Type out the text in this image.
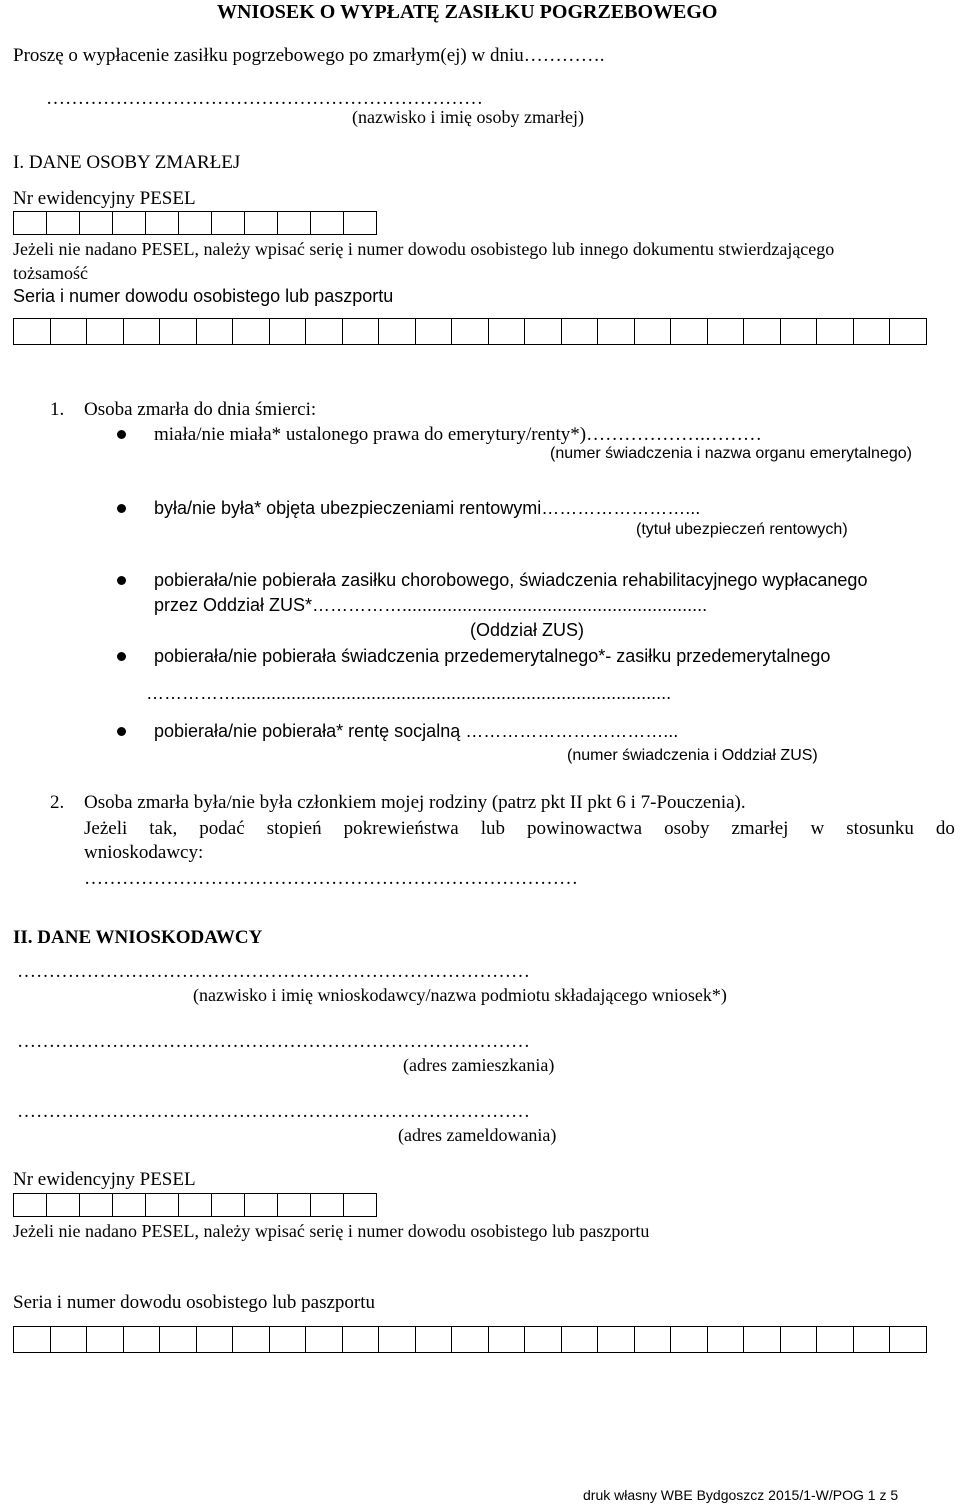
WNIOSEK O WYPŁATĘ ZASIŁKU POGRZEBOWEGO
Proszę o wypłacenie zasiłku pogrzebowego po zmarłym(ej) w dniu………….
……………………………………………………………
(nazwisko i imię osoby zmarłej)
I. DANE OSOBY ZMARŁEJ
Nr ewidencyjny PESEL
Jeżeli nie nadano PESEL, należy wpisać serię i numer dowodu osobistego lub innego dokumentu stwierdzającego
tożsamość
Seria i numer dowodu osobistego lub paszportu
1. Osoba zmarła do dnia śmierci:
miała/nie miała* ustalonego prawa do emerytury/renty*)……………….………
(numer świadczenia i nazwa organu emerytalnego)
była/nie była* objęta ubezpieczeniami rentowymi……………………...
(tytuł ubezpieczeń rentowych)
pobierała/nie pobierała zasiłku chorobowego, świadczenia rehabilitacyjnego wypłacanego
przez Oddział ZUS*…………….............................................................
(Oddział ZUS)
pobierała/nie pobierała świadczenia przedemerytalnego*- zasiłku przedemerytalnego
…………….......................................................................................
pobierała/nie pobierała* rentę socjalną ……………………………...
(numer świadczenia i Oddział ZUS)
2. Osoba zmarła była/nie była członkiem mojej rodziny (patrz pkt II pkt 6 i 7-Pouczenia).
Jeżeli tak, podać stopień pokrewieństwa lub powinowactwa osoby zmarłej w stosunku do
wnioskodawcy:
……………………………………………………………………
II. DANE WNIOSKODAWCY
………………………………………………………………………
(nazwisko i imię wnioskodawcy/nazwa podmiotu składającego wniosek*)
………………………………………………………………………
(adres zamieszkania)
………………………………………………………………………
(adres zameldowania)
Nr ewidencyjny PESEL
Jeżeli nie nadano PESEL, należy wpisać serię i numer dowodu osobistego lub paszportu
Seria i numer dowodu osobistego lub paszportu
druk własny WBE Bydgoszcz 2015/1-W/POG 1 z 5
